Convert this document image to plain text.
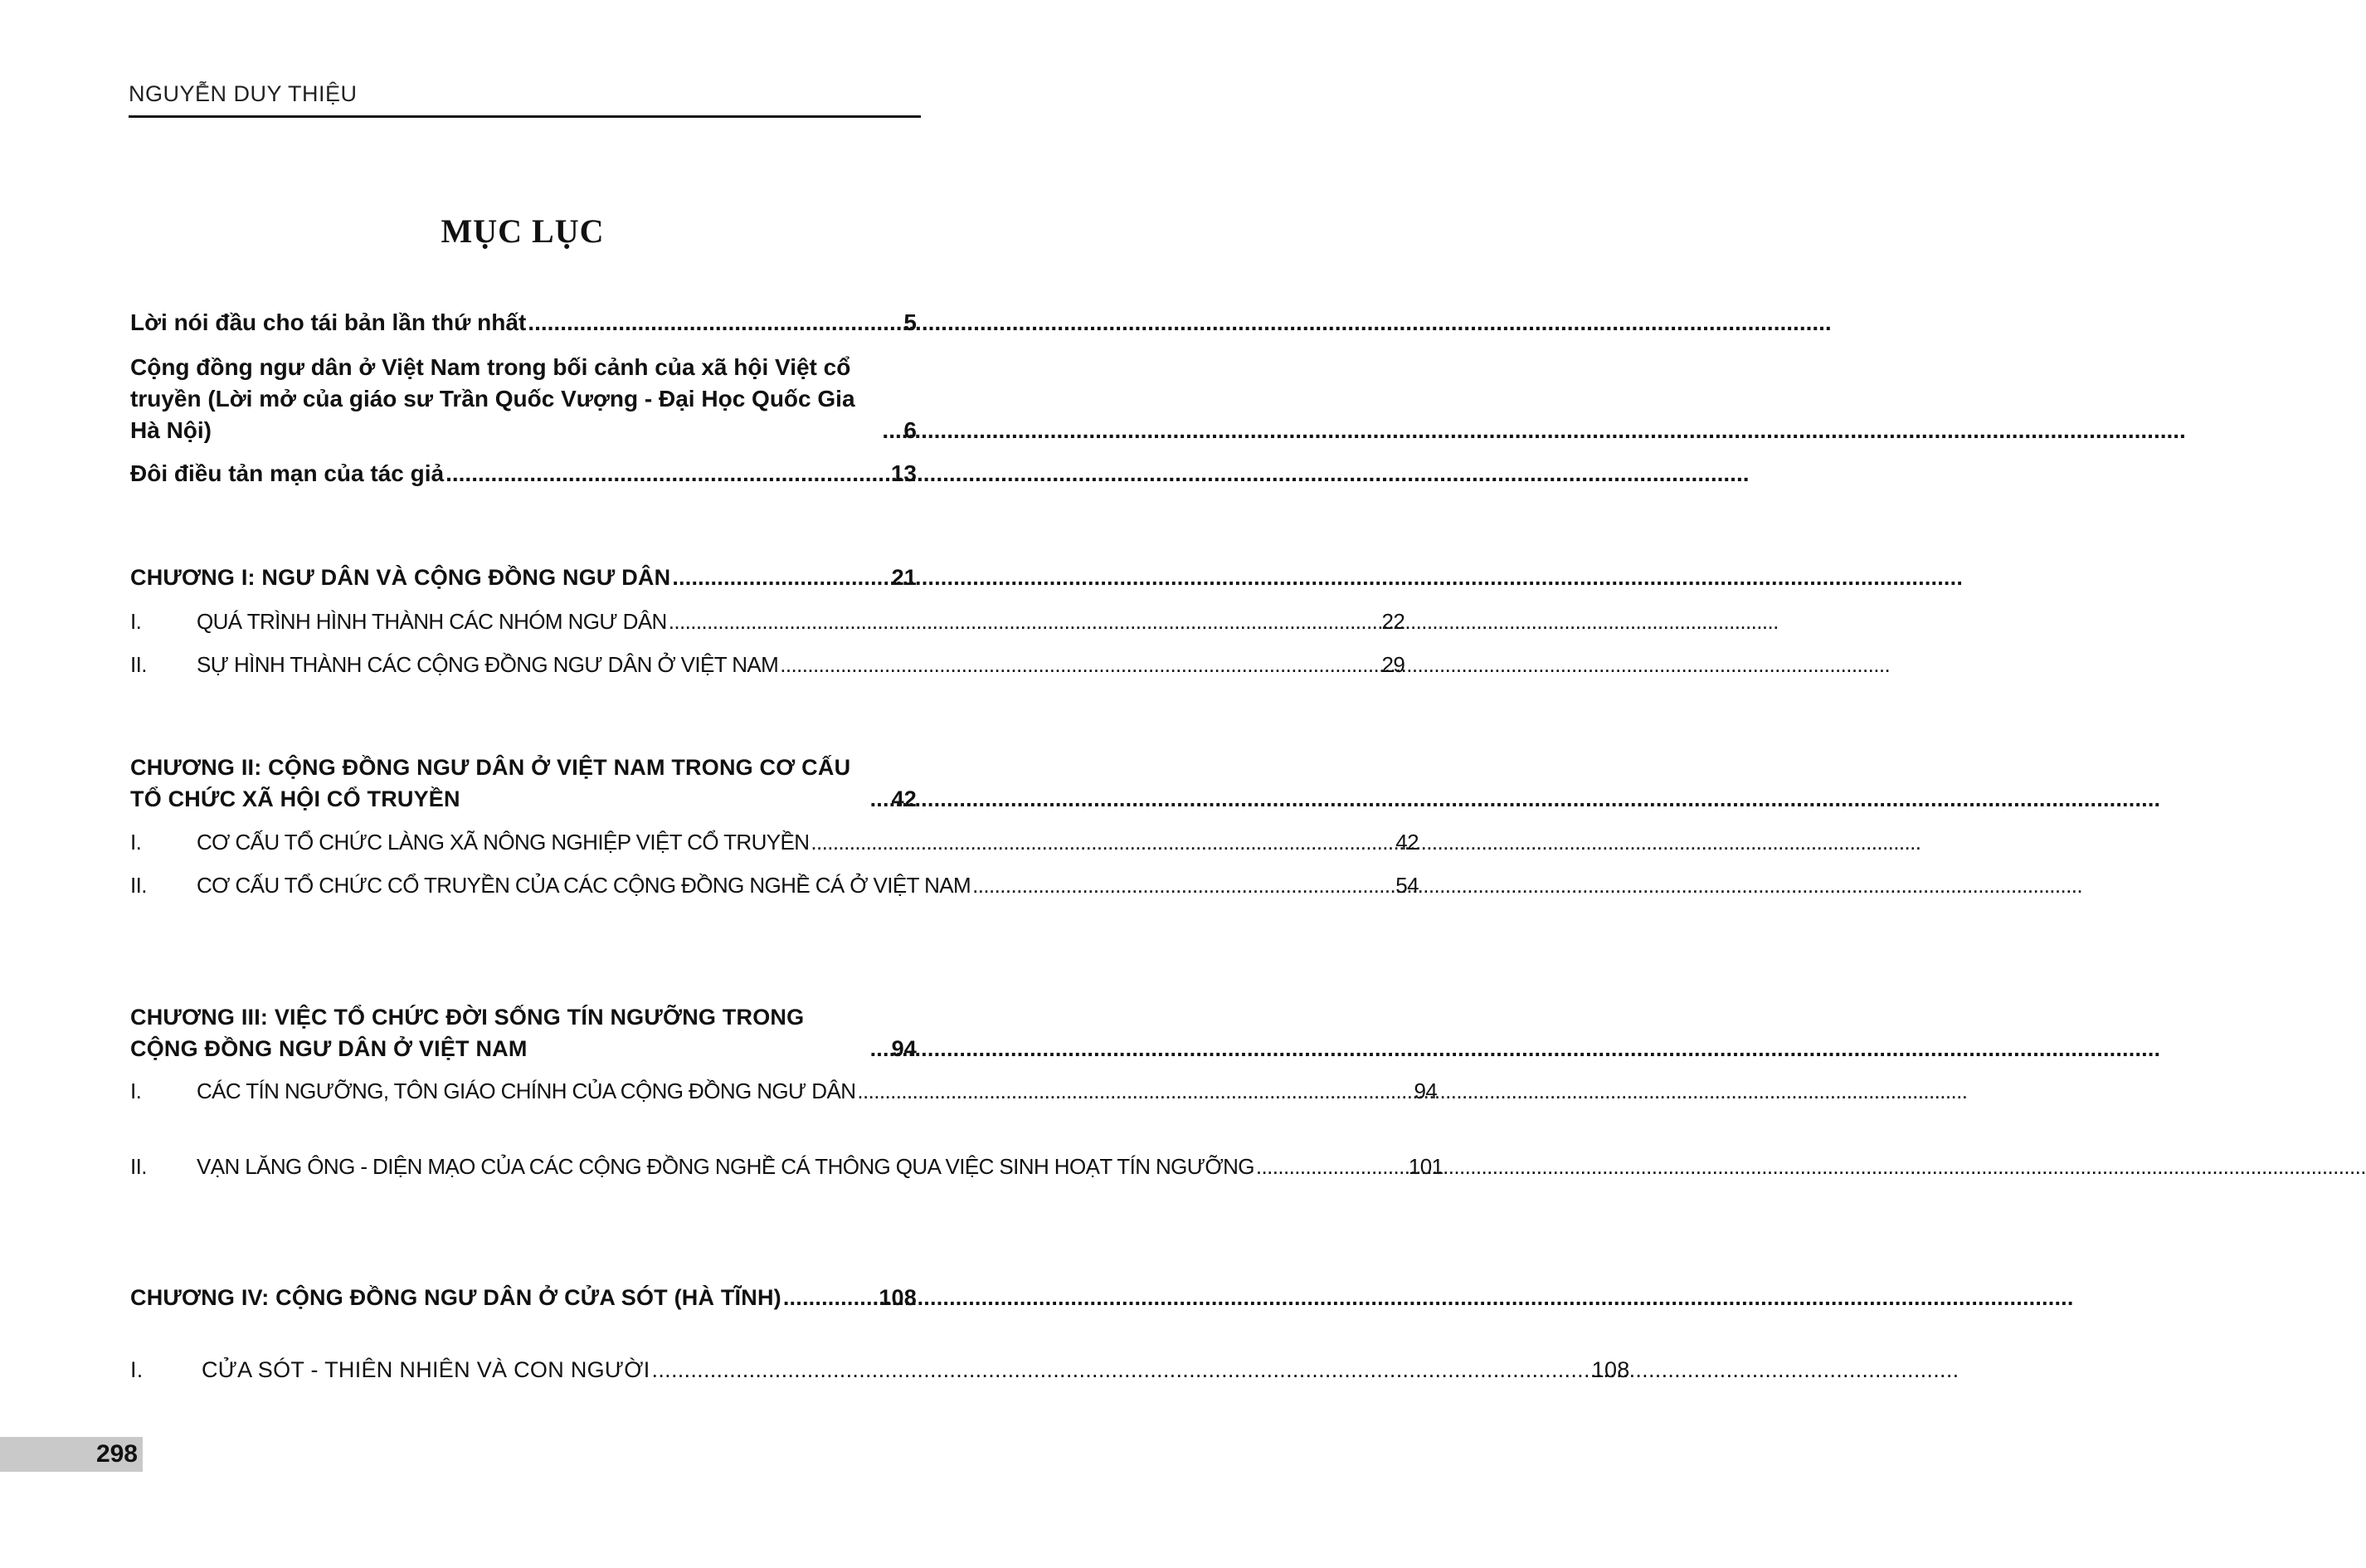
NGUYỄN DUY THIỆU
MỤC LỤC
Lời nói đầu cho tái bản lần thứ nhất .....	5
Cộng đồng ngư dân ở Việt Nam trong bối cảnh của xã hội Việt cổ truyền (Lời mở của giáo sư Trần Quốc Vượng - Đại Học Quốc Gia Hà Nội) .....	6
Đôi điều tản mạn của tác giả .....	13
CHƯƠNG I: NGƯ DÂN VÀ CỘNG ĐỒNG NGƯ DÂN .....	21
I.	QUÁ TRÌNH HÌNH THÀNH CÁC NHÓM NGƯ DÂN .....	22
II.	SỰ HÌNH THÀNH CÁC CỘNG ĐỒNG NGƯ DÂN Ở VIỆT NAM .....	29
CHƯƠNG II: CỘNG ĐỒNG NGƯ DÂN Ở VIỆT NAM TRONG CƠ CẤU TỔ CHỨC XÃ HỘI CỔ TRUYỀN .....	42
I.	CƠ CẤU TỔ CHỨC LÀNG XÃ NÔNG NGHIỆP VIỆT CỔ TRUYỀN .....	42
II.	CƠ CẤU TỔ CHỨC CỔ TRUYỀN CỦA CÁC CỘNG ĐỒNG NGHỀ CÁ Ở VIỆT NAM .....	54
CHƯƠNG III: VIỆC TỔ CHỨC ĐỜI SỐNG TÍN NGƯỠNG TRONG CỘNG ĐỒNG NGƯ DÂN Ở VIỆT NAM .....	94
I.	CÁC TÍN NGƯỠNG, TÔN GIÁO CHÍNH CỦA CỘNG ĐỒNG NGƯ DÂN .....	94
II.	VẠN LĂNG ÔNG - DIỆN MẠO CỦA CÁC CỘNG ĐỒNG NGHỀ CÁ THÔNG QUA VIỆC SINH HOẠT TÍN NGƯỠNG .....	101
CHƯƠNG IV: CỘNG ĐỒNG NGƯ DÂN Ở CỬA SÓT (HÀ TĨNH) .....	108
I.	CỬA SÓT - THIÊN NHIÊN VÀ CON NGƯỜI .....	108
298
